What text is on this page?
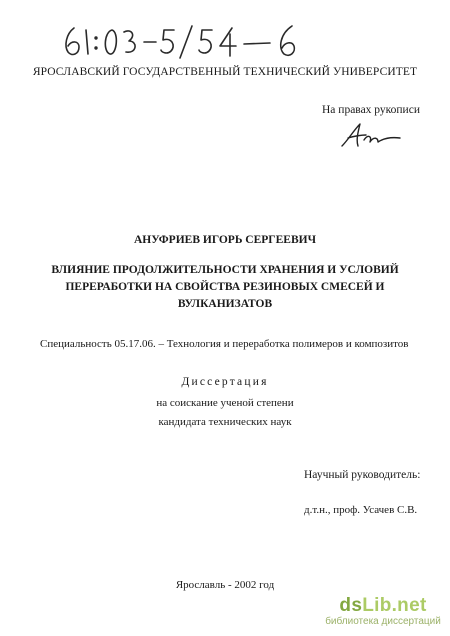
ЯРОСЛАВСКИЙ ГОСУДАРСТВЕННЫЙ ТЕХНИЧЕСКИЙ УНИВЕРСИТЕТ
На правах рукописи
АНУФРИЕВ ИГОРЬ СЕРГЕЕВИЧ
ВЛИЯНИЕ ПРОДОЛЖИТЕЛЬНОСТИ ХРАНЕНИЯ И УСЛОВИЙ
ПЕРЕРАБОТКИ НА СВОЙСТВА РЕЗИНОВЫХ СМЕСЕЙ И
ВУЛКАНИЗАТОВ
Специальность 05.17.06. – Технология и переработка полимеров и композитов
Диссертация
на соискание ученой степени
кандидата технических наук
Научный руководитель:
д.т.н., проф. Усачев С.В.
Ярославль - 2002 год
dsLib.net
библиотека диссертаций
